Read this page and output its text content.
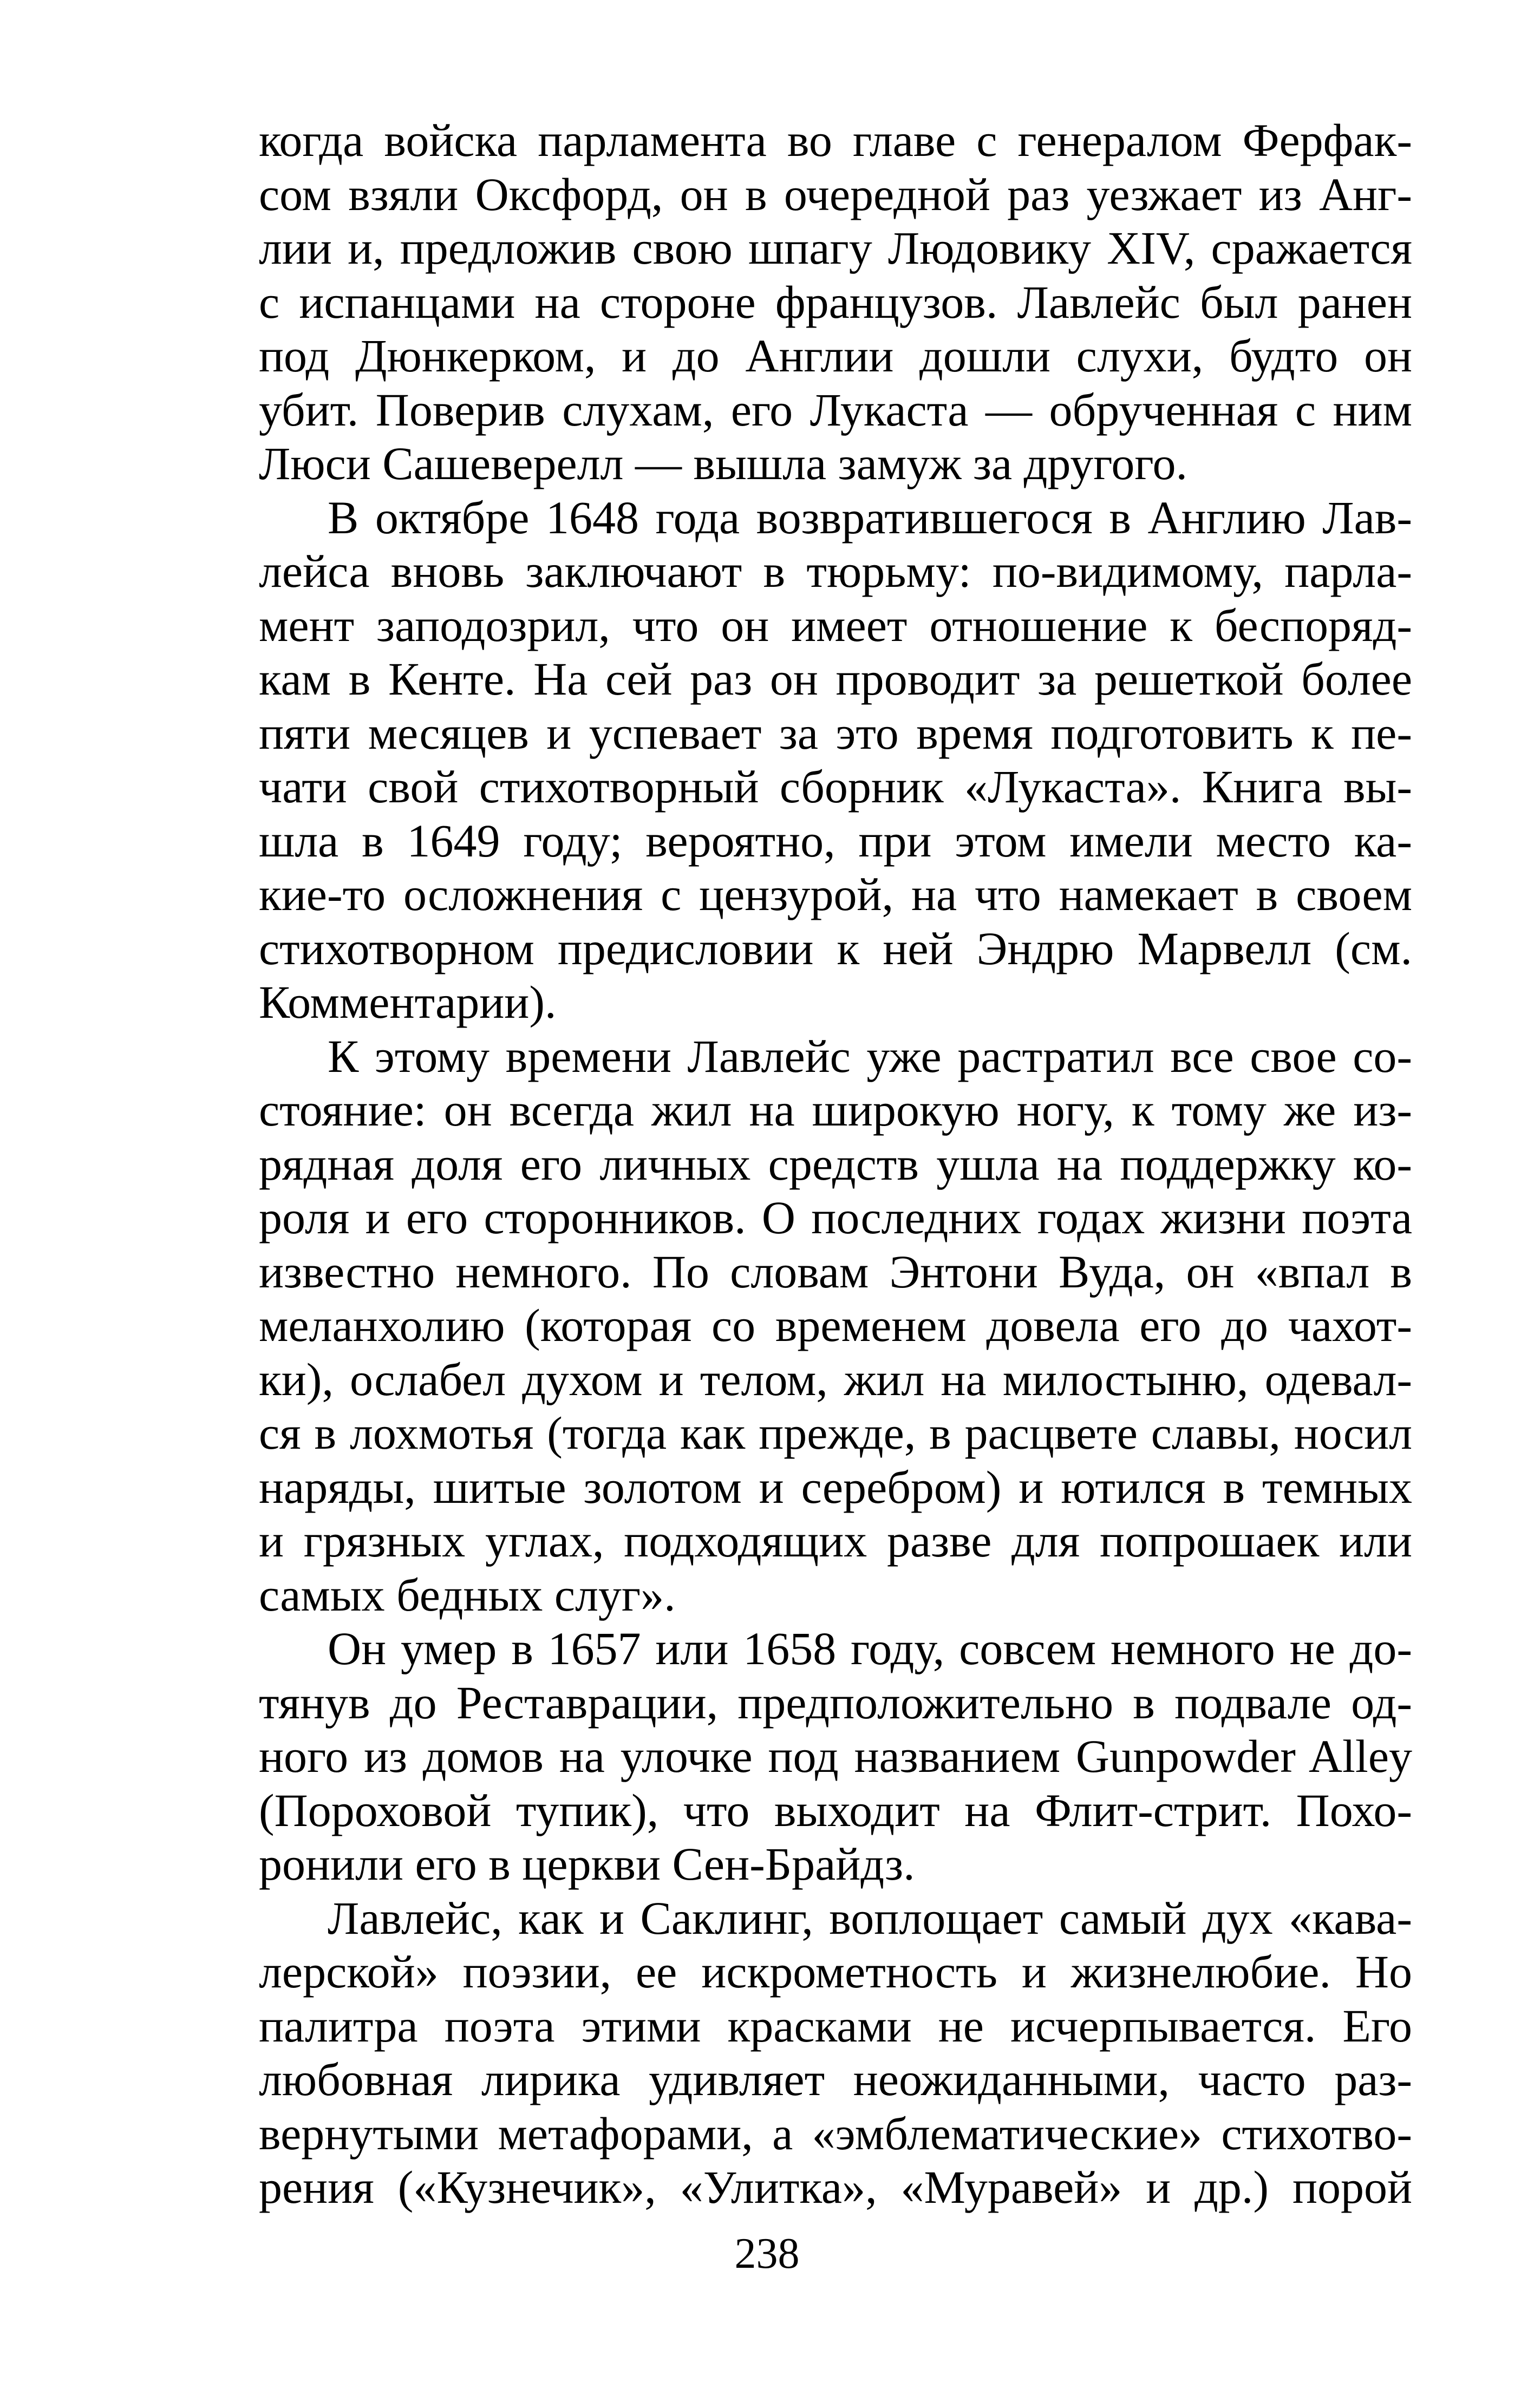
когда войска парламента во главе с генералом Ферфак-
сом взяли Оксфорд, он в очередной раз уезжает из Анг-
лии и, предложив свою шпагу Людовику XIV, сражается
с испанцами на стороне французов. Лавлейс был ранен
под Дюнкерком, и до Англии дошли слухи, будто он
убит. Поверив слухам, его Лукаста — обрученная с ним
Люси Сашеверелл — вышла замуж за другого.
В октябре 1648 года возвратившегося в Англию Лав-
лейса вновь заключают в тюрьму: по-видимому, парла-
мент заподозрил, что он имеет отношение к беспоряд-
кам в Кенте. На сей раз он проводит за решеткой более
пяти месяцев и успевает за это время подготовить к пе-
чати свой стихотворный сборник «Лукаста». Книга вы-
шла в 1649 году; вероятно, при этом имели место ка-
кие-то осложнения с цензурой, на что намекает в своем
стихотворном предисловии к ней Эндрю Марвелл (см.
Комментарии).
К этому времени Лавлейс уже растратил все свое со-
стояние: он всегда жил на широкую ногу, к тому же из-
рядная доля его личных средств ушла на поддержку ко-
роля и его сторонников. О последних годах жизни поэта
известно немного. По словам Энтони Вуда, он «впал в
меланхолию (которая со временем довела его до чахот-
ки), ослабел духом и телом, жил на милостыню, одевал-
ся в лохмотья (тогда как прежде, в расцвете славы, носил
наряды, шитые золотом и серебром) и ютился в темных
и грязных углах, подходящих разве для попрошаек или
самых бедных слуг».
Он умер в 1657 или 1658 году, совсем немного не до-
тянув до Реставрации, предположительно в подвале од-
ного из домов на улочке под названием Gunpowder Alley
(Пороховой тупик), что выходит на Флит-стрит. Похо-
ронили его в церкви Сен-Брайдз.
Лавлейс, как и Саклинг, воплощает самый дух «кава-
лерской» поэзии, ее искрометность и жизнелюбие. Но
палитра поэта этими красками не исчерпывается. Его
любовная лирика удивляет неожиданными, часто раз-
вернутыми метафорами, а «эмблематические» стихотво-
рения («Кузнечик», «Улитка», «Муравей» и др.) порой
238
